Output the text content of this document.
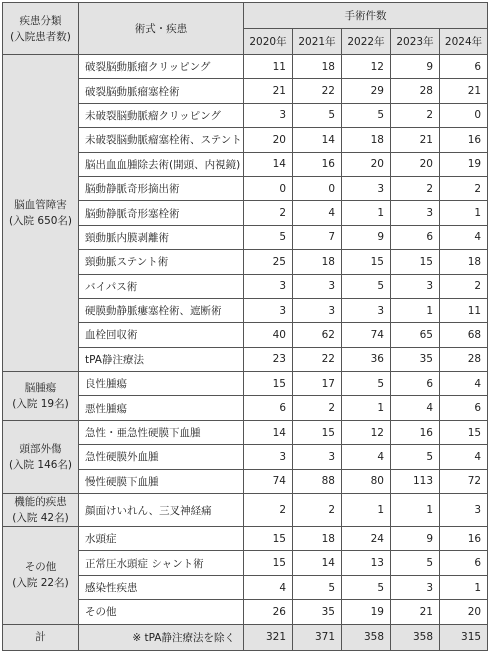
疾患分類
(入院患者数)	術式・疾患	手術件数				
		2020年	2021年	2022年	2023年	2024年

脳血管障害
(入院 650名)	破裂脳動脈瘤クリッピング	11	18	12	9	6
	破裂脳動脈瘤塞栓術	21	22	29	28	21
	未破裂脳動脈瘤クリッピング	3	5	5	2	0
	未破裂脳動脈瘤塞栓術、ステント	20	14	18	21	16
	脳出血血腫除去術(開頭、内視鏡)	14	16	20	20	19
	脳動静脈奇形摘出術	0	0	3	2	2
	脳動静脈奇形塞栓術	2	4	1	3	1
	頸動脈内膜剥離術	5	7	9	6	4
	頸動脈ステント術	25	18	15	15	18
	バイパス術	3	3	5	3	2
	硬膜動静脈瘻塞栓術、遮断術	3	3	3	1	11
	血栓回収術	40	62	74	65	68
	tPA静注療法	23	22	36	35	28

脳腫瘍
(入院 19名)	良性腫瘍	15	17	5	6	4
	悪性腫瘍	6	2	1	4	6

頭部外傷
(入院 146名)	急性・亜急性硬膜下血腫	14	15	12	16	15
	急性硬膜外血腫	3	3	4	5	4
	慢性硬膜下血腫	74	88	80	113	72

機能的疾患
(入院 42名)	顔面けいれん、三叉神経痛	2	2	1	1	3

その他
(入院 22名)	水頭症	15	18	24	9	16
	正常圧水頭症 シャント術	15	14	13	5	6
	感染性疾患	4	5	5	3	1
	その他	26	35	19	21	20
計	※ tPA静注療法を除く	321	371	358	358	315
